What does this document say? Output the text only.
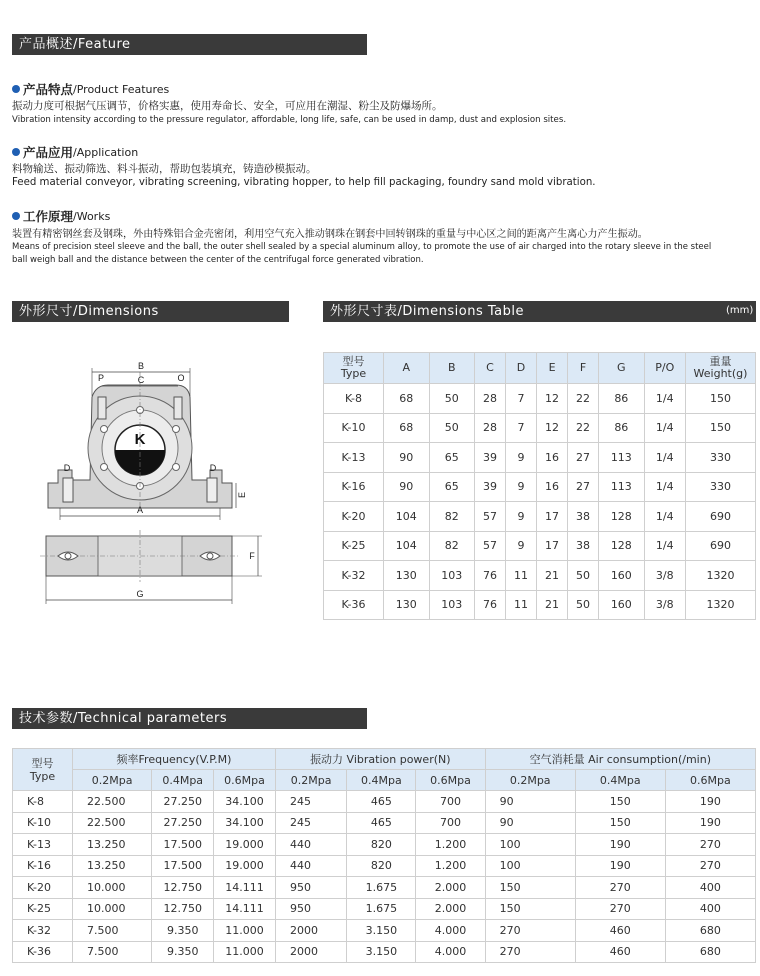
产品概述/Feature
产品特点 /Product Features
振动力度可根据气压调节，价格实惠，使用寿命长、安全，可应用在潮湿、粉尘及防爆场所。
Vibration intensity according to the pressure regulator, affordable, long life, safe, can be used in damp, dust and explosion sites.
产品应用 /Application
料物输送、振动筛选、料斗振动，帮助包装填充，铸造砂模振动。
Feed material conveyor, vibrating screening, vibrating hopper, to help fill packaging, foundry sand mold vibration.
工作原理 /Works
装置有精密钢丝套及钢珠，外由特殊铝合金壳密闭，利用空气充入推动钢珠在钢套中回转钢珠的重量与中心区之间的距离产生离心力产生振动。
Means of precision steel sleeve and the ball, the outer shell sealed by a special aluminum alloy, to promote the use of air charged into the rotary sleeve in the steel
ball weigh ball and the distance between the center of the centrifugal force generated vibration.
外形尺寸/Dimensions	外形尺寸表/Dimensions Table	(mm)
K
B
C
P	O
D	D
E
A
F
G
型号
Type	A	B	C	D	E	F	G	P/O	重量
Weight(g)
K-8	68	50	28	7	12	22	86	1/4	150
K-10	68	50	28	7	12	22	86	1/4	150
K-13	90	65	39	9	16	27	113	1/4	330
K-16	90	65	39	9	16	27	113	1/4	330
K-20	104	82	57	9	17	38	128	1/4	690
K-25	104	82	57	9	17	38	128	1/4	690
K-32	130	103	76	11	21	50	160	3/8	1320
K-36	130	103	76	11	21	50	160	3/8	1320
技术参数/Technical parameters
型号
Type	频率Frequency(V.P.M)			振动力 Vibration power(N)			空气消耗量 Air consumption(/min)		
	0.2Mpa	0.4Mpa	0.6Mpa	0.2Mpa	0.4Mpa	0.6Mpa	0.2Mpa	0.4Mpa	0.6Mpa
K-8	22.500	27.250	34.100	245	465	700	90	150	190
K-10	22.500	27.250	34.100	245	465	700	90	150	190
K-13	13.250	17.500	19.000	440	820	1.200	100	190	270
K-16	13.250	17.500	19.000	440	820	1.200	100	190	270
K-20	10.000	12.750	14.111	950	1.675	2.000	150	270	400
K-25	10.000	12.750	14.111	950	1.675	2.000	150	270	400
K-32	7.500	9.350	11.000	2000	3.150	4.000	270	460	680
K-36	7.500	9.350	11.000	2000	3.150	4.000	270	460	680
